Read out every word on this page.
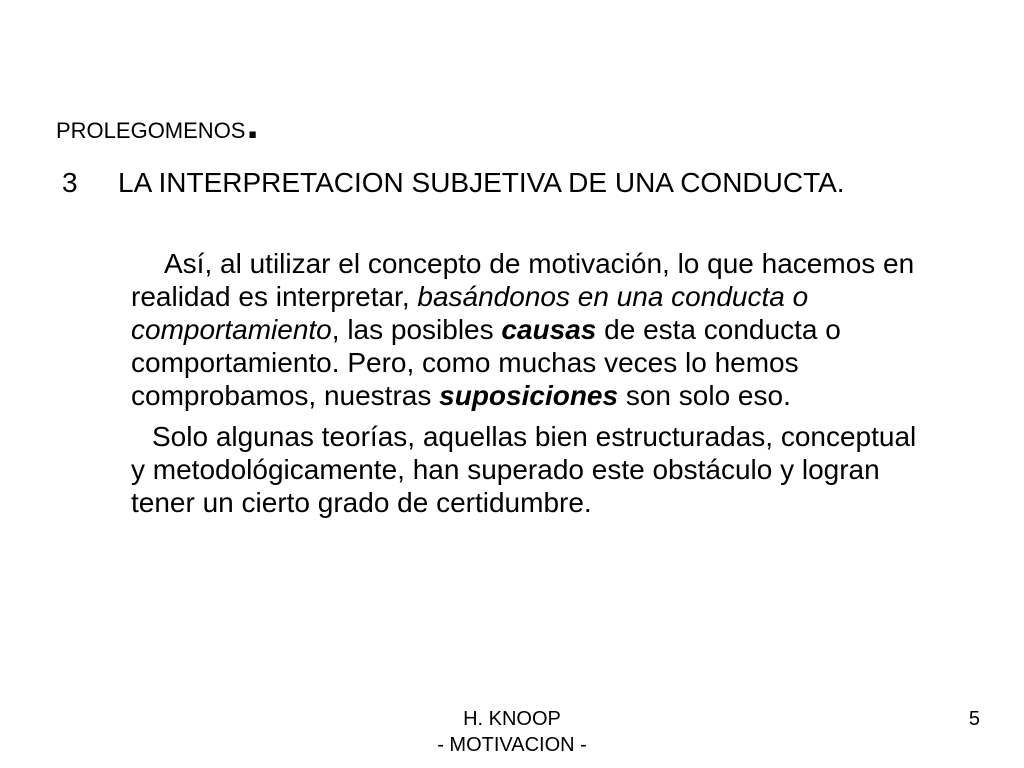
PROLEGOMENOS.
3 LA INTERPRETACION SUBJETIVA DE UNA CONDUCTA.

Así, al utilizar el concepto de motivación, lo que hacemos en realidad es interpretar, basándonos en una conducta o comportamiento, las posibles causas de esta conducta o comportamiento. Pero, como muchas veces lo hemos comprobamos, nuestras suposiciones son solo eso.

Solo algunas teorías, aquellas bien estructuradas, conceptual y metodológicamente, han superado este obstáculo y logran tener un cierto grado de certidumbre.

H. KNOOP
- MOTIVACION -
5
